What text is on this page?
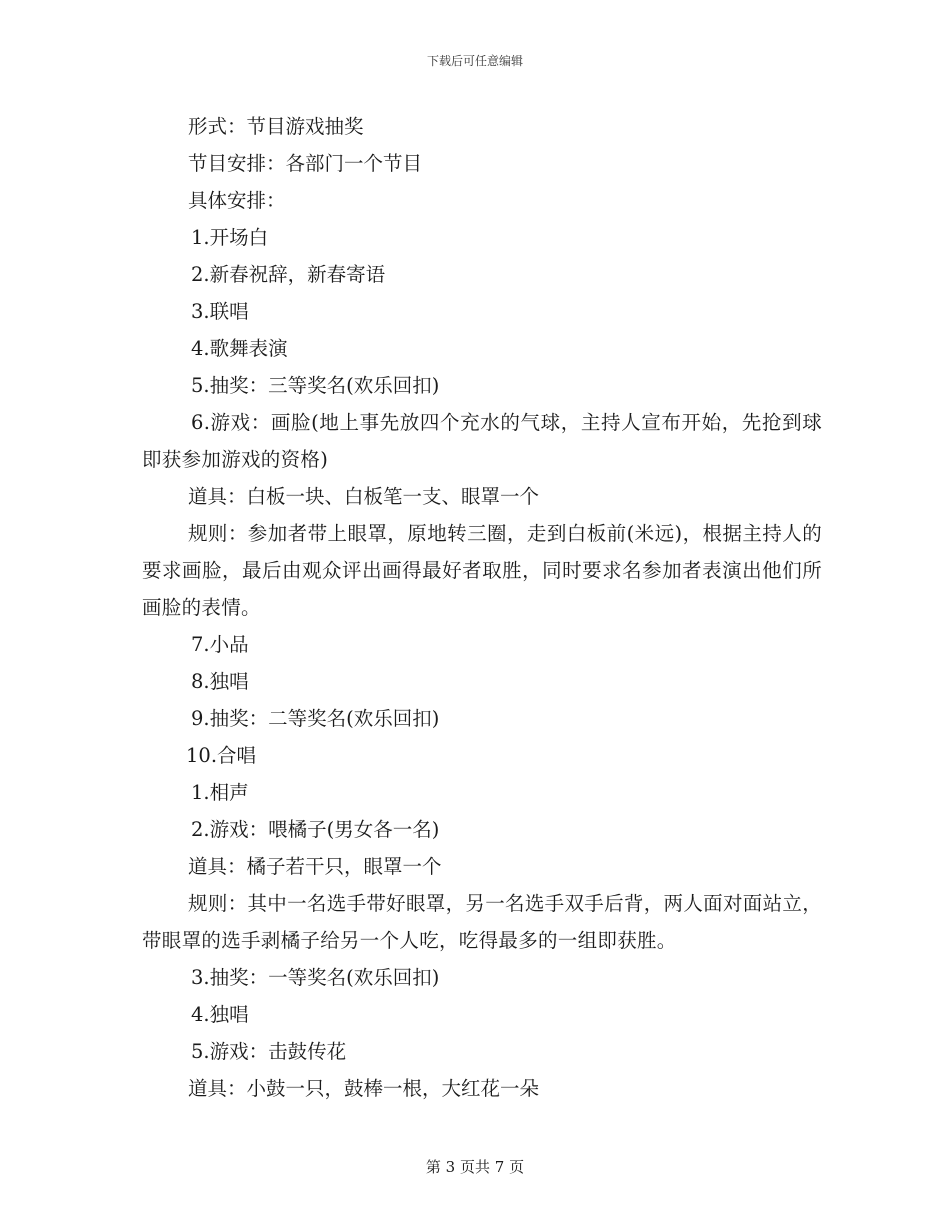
下载后可任意编辑

形式：节目游戏抽奖

节目安排：各部门一个节目

具体安排：

1.开场白

2.新春祝辞，新春寄语

3.联唱

4.歌舞表演

5.抽奖：三等奖名(欢乐回扣)

6.游戏：画脸(地上事先放四个充水的气球，主持人宣布开始，先抢到球即获参加游戏的资格)

道具：白板一块、白板笔一支、眼罩一个

规则：参加者带上眼罩，原地转三圈，走到白板前(米远)，根据主持人的要求画脸，最后由观众评出画得最好者取胜，同时要求名参加者表演出他们所画脸的表情。

7.小品

8.独唱

9.抽奖：二等奖名(欢乐回扣)

10.合唱

1.相声

2.游戏：喂橘子(男女各一名)

道具：橘子若干只，眼罩一个

规则：其中一名选手带好眼罩，另一名选手双手后背，两人面对面站立，带眼罩的选手剥橘子给另一个人吃，吃得最多的一组即获胜。

3.抽奖：一等奖名(欢乐回扣)

4.独唱

5.游戏：击鼓传花

道具：小鼓一只，鼓棒一根，大红花一朵

第 3 页共 7 页
